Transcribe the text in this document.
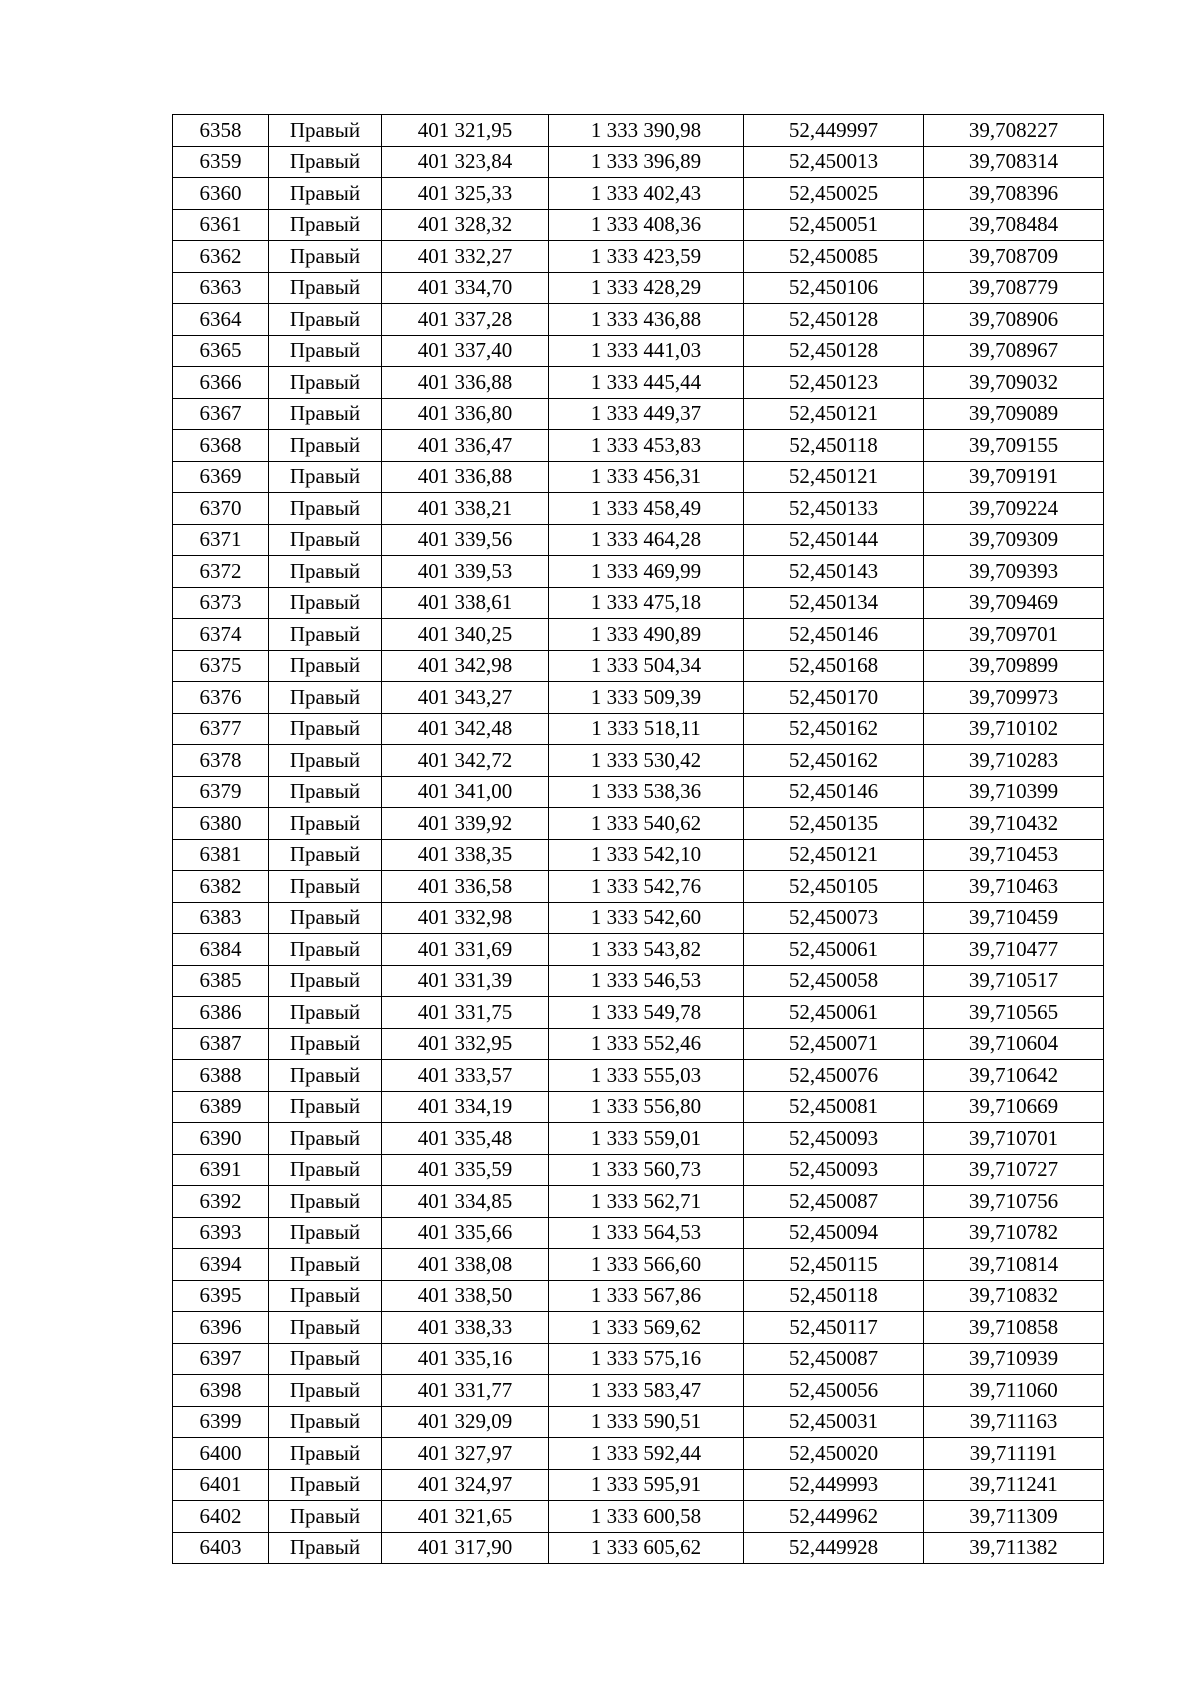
6358	Правый	401 321,95	1 333 390,98	52,449997	39,708227
6359	Правый	401 323,84	1 333 396,89	52,450013	39,708314
6360	Правый	401 325,33	1 333 402,43	52,450025	39,708396
6361	Правый	401 328,32	1 333 408,36	52,450051	39,708484
6362	Правый	401 332,27	1 333 423,59	52,450085	39,708709
6363	Правый	401 334,70	1 333 428,29	52,450106	39,708779
6364	Правый	401 337,28	1 333 436,88	52,450128	39,708906
6365	Правый	401 337,40	1 333 441,03	52,450128	39,708967
6366	Правый	401 336,88	1 333 445,44	52,450123	39,709032
6367	Правый	401 336,80	1 333 449,37	52,450121	39,709089
6368	Правый	401 336,47	1 333 453,83	52,450118	39,709155
6369	Правый	401 336,88	1 333 456,31	52,450121	39,709191
6370	Правый	401 338,21	1 333 458,49	52,450133	39,709224
6371	Правый	401 339,56	1 333 464,28	52,450144	39,709309
6372	Правый	401 339,53	1 333 469,99	52,450143	39,709393
6373	Правый	401 338,61	1 333 475,18	52,450134	39,709469
6374	Правый	401 340,25	1 333 490,89	52,450146	39,709701
6375	Правый	401 342,98	1 333 504,34	52,450168	39,709899
6376	Правый	401 343,27	1 333 509,39	52,450170	39,709973
6377	Правый	401 342,48	1 333 518,11	52,450162	39,710102
6378	Правый	401 342,72	1 333 530,42	52,450162	39,710283
6379	Правый	401 341,00	1 333 538,36	52,450146	39,710399
6380	Правый	401 339,92	1 333 540,62	52,450135	39,710432
6381	Правый	401 338,35	1 333 542,10	52,450121	39,710453
6382	Правый	401 336,58	1 333 542,76	52,450105	39,710463
6383	Правый	401 332,98	1 333 542,60	52,450073	39,710459
6384	Правый	401 331,69	1 333 543,82	52,450061	39,710477
6385	Правый	401 331,39	1 333 546,53	52,450058	39,710517
6386	Правый	401 331,75	1 333 549,78	52,450061	39,710565
6387	Правый	401 332,95	1 333 552,46	52,450071	39,710604
6388	Правый	401 333,57	1 333 555,03	52,450076	39,710642
6389	Правый	401 334,19	1 333 556,80	52,450081	39,710669
6390	Правый	401 335,48	1 333 559,01	52,450093	39,710701
6391	Правый	401 335,59	1 333 560,73	52,450093	39,710727
6392	Правый	401 334,85	1 333 562,71	52,450087	39,710756
6393	Правый	401 335,66	1 333 564,53	52,450094	39,710782
6394	Правый	401 338,08	1 333 566,60	52,450115	39,710814
6395	Правый	401 338,50	1 333 567,86	52,450118	39,710832
6396	Правый	401 338,33	1 333 569,62	52,450117	39,710858
6397	Правый	401 335,16	1 333 575,16	52,450087	39,710939
6398	Правый	401 331,77	1 333 583,47	52,450056	39,711060
6399	Правый	401 329,09	1 333 590,51	52,450031	39,711163
6400	Правый	401 327,97	1 333 592,44	52,450020	39,711191
6401	Правый	401 324,97	1 333 595,91	52,449993	39,711241
6402	Правый	401 321,65	1 333 600,58	52,449962	39,711309
6403	Правый	401 317,90	1 333 605,62	52,449928	39,711382
